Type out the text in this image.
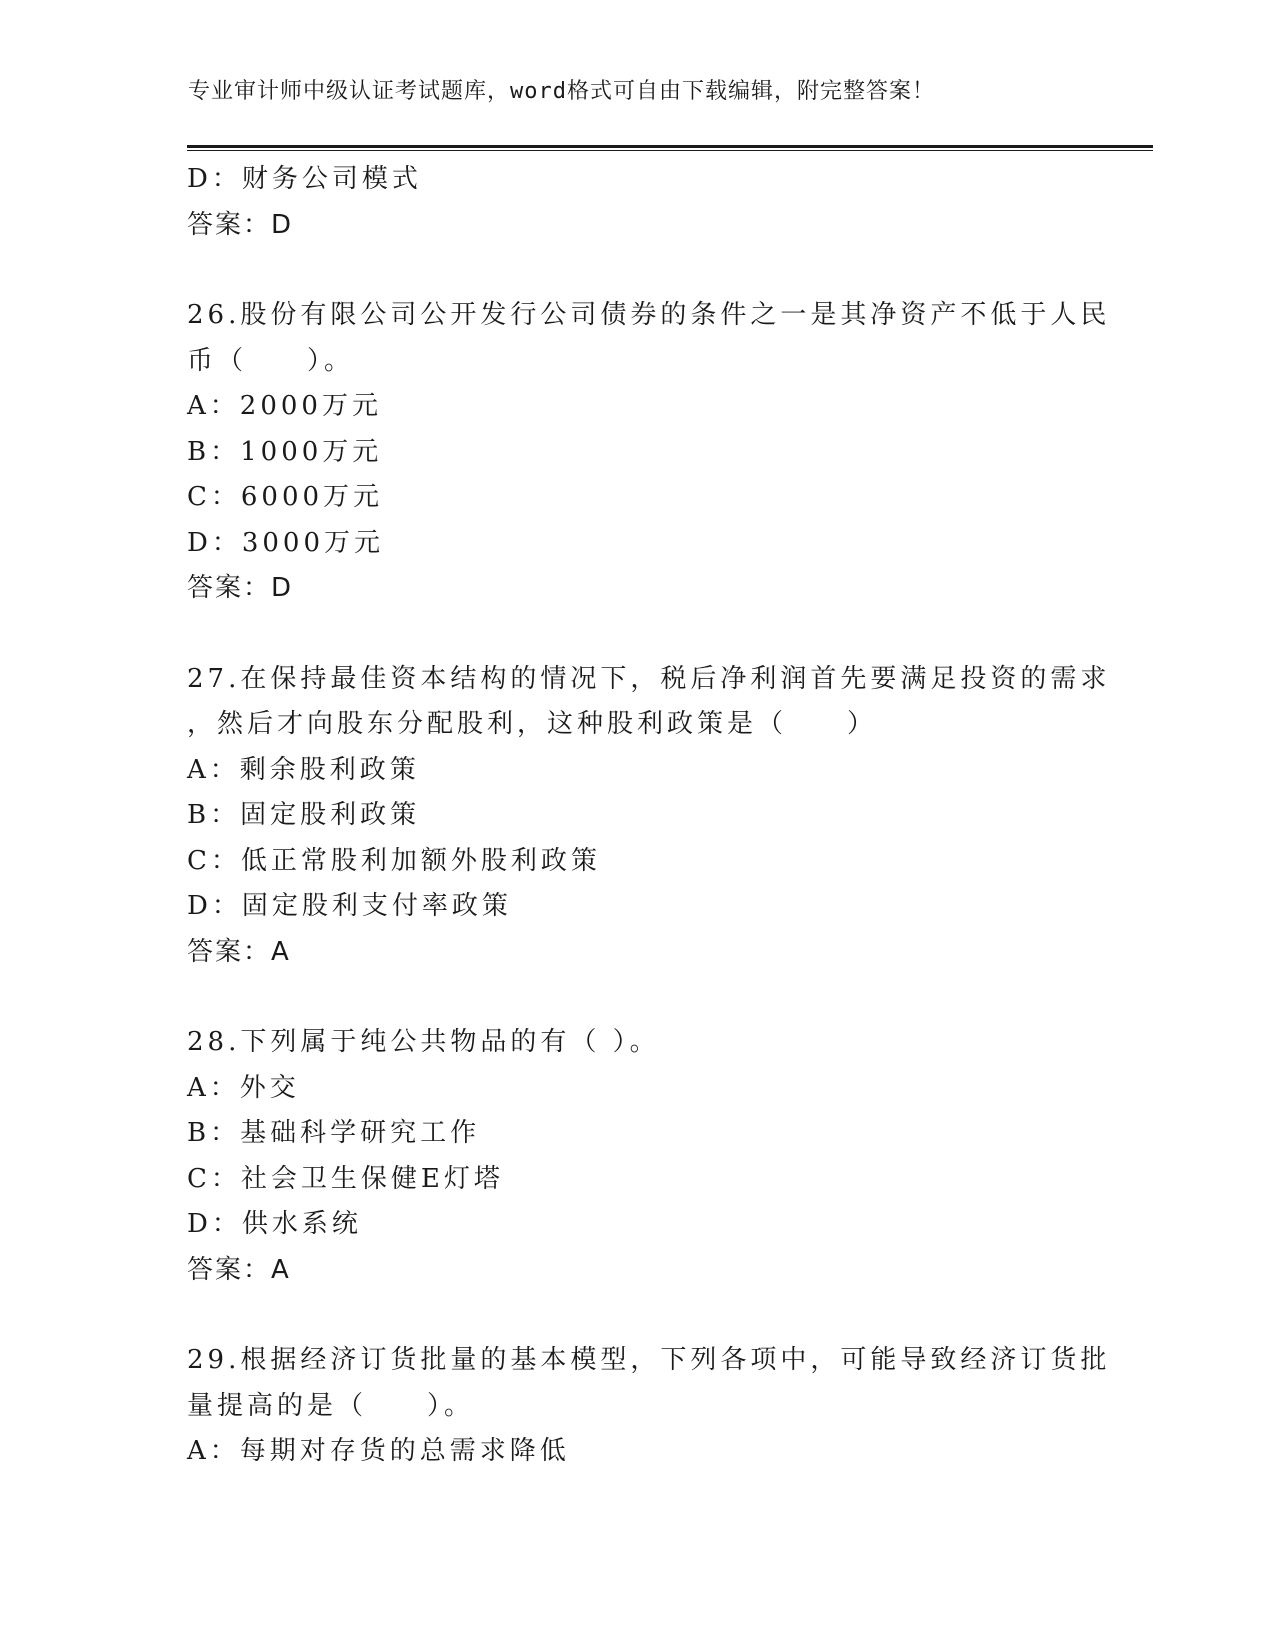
专业审计师中级认证考试题库，word格式可自由下载编辑，附完整答案！
D：财务公司模式
答案：D
26.股份有限公司公开发行公司债券的条件之一是其净资产不低于人民
币（　　）。
A：2000万元
B：1000万元
C：6000万元
D：3000万元
答案：D
27.在保持最佳资本结构的情况下，税后净利润首先要满足投资的需求
，然后才向股东分配股利，这种股利政策是（　　）
A：剩余股利政策
B：固定股利政策
C：低正常股利加额外股利政策
D：固定股利支付率政策
答案：A
28.下列属于纯公共物品的有（ ）。
A：外交
B：基础科学研究工作
C：社会卫生保健E灯塔
D：供水系统
答案：A
29.根据经济订货批量的基本模型，下列各项中，可能导致经济订货批
量提高的是（　　）。
A：每期对存货的总需求降低
